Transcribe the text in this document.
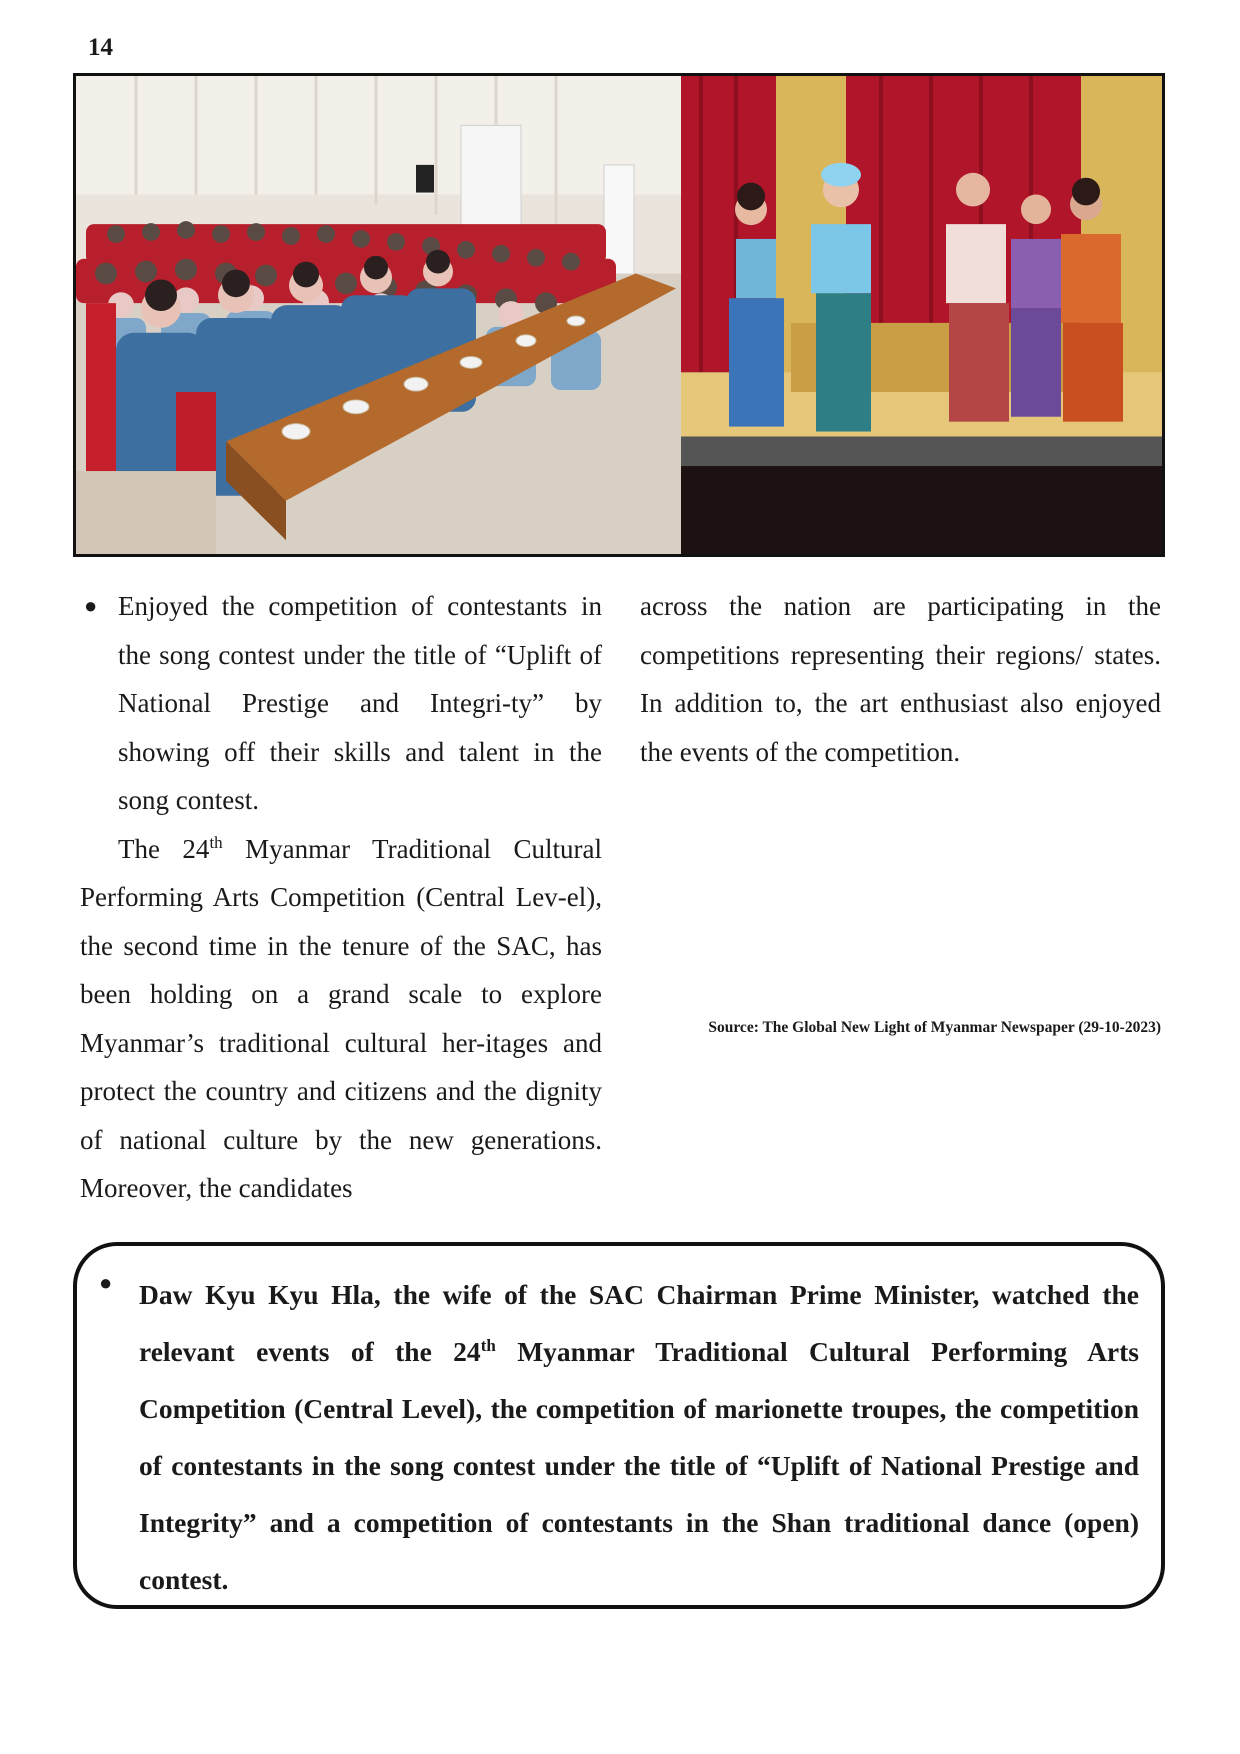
14

● Enjoyed the competition of contestants in the song contest under the title of “Uplift of National Prestige and Integri-ty” by showing off their skills and talent in the song contest.

The 24th Myanmar Traditional Cultural Performing Arts Competition (Central Lev-el), the second time in the tenure of the SAC, has been holding on a grand scale to explore Myanmar’s traditional cultural her-itages and protect the country and citizens and the dignity of national culture by the new generations. Moreover, the candidates

across the nation are participating in the competitions representing their regions/ states. In addition to, the art enthusiast also enjoyed the events of the competition.

Source: The Global New Light of Myanmar Newspaper (29-10-2023)
● Daw Kyu Kyu Hla, the wife of the SAC Chairman Prime Minister, watched the relevant events of the 24th Myanmar Traditional Cultural Performing Arts Competition (Central Level), the competition of marionette troupes, the competition of contestants in the song contest under the title of “Uplift of National Prestige and Integrity” and a competition of contestants in the Shan traditional dance (open) contest.
